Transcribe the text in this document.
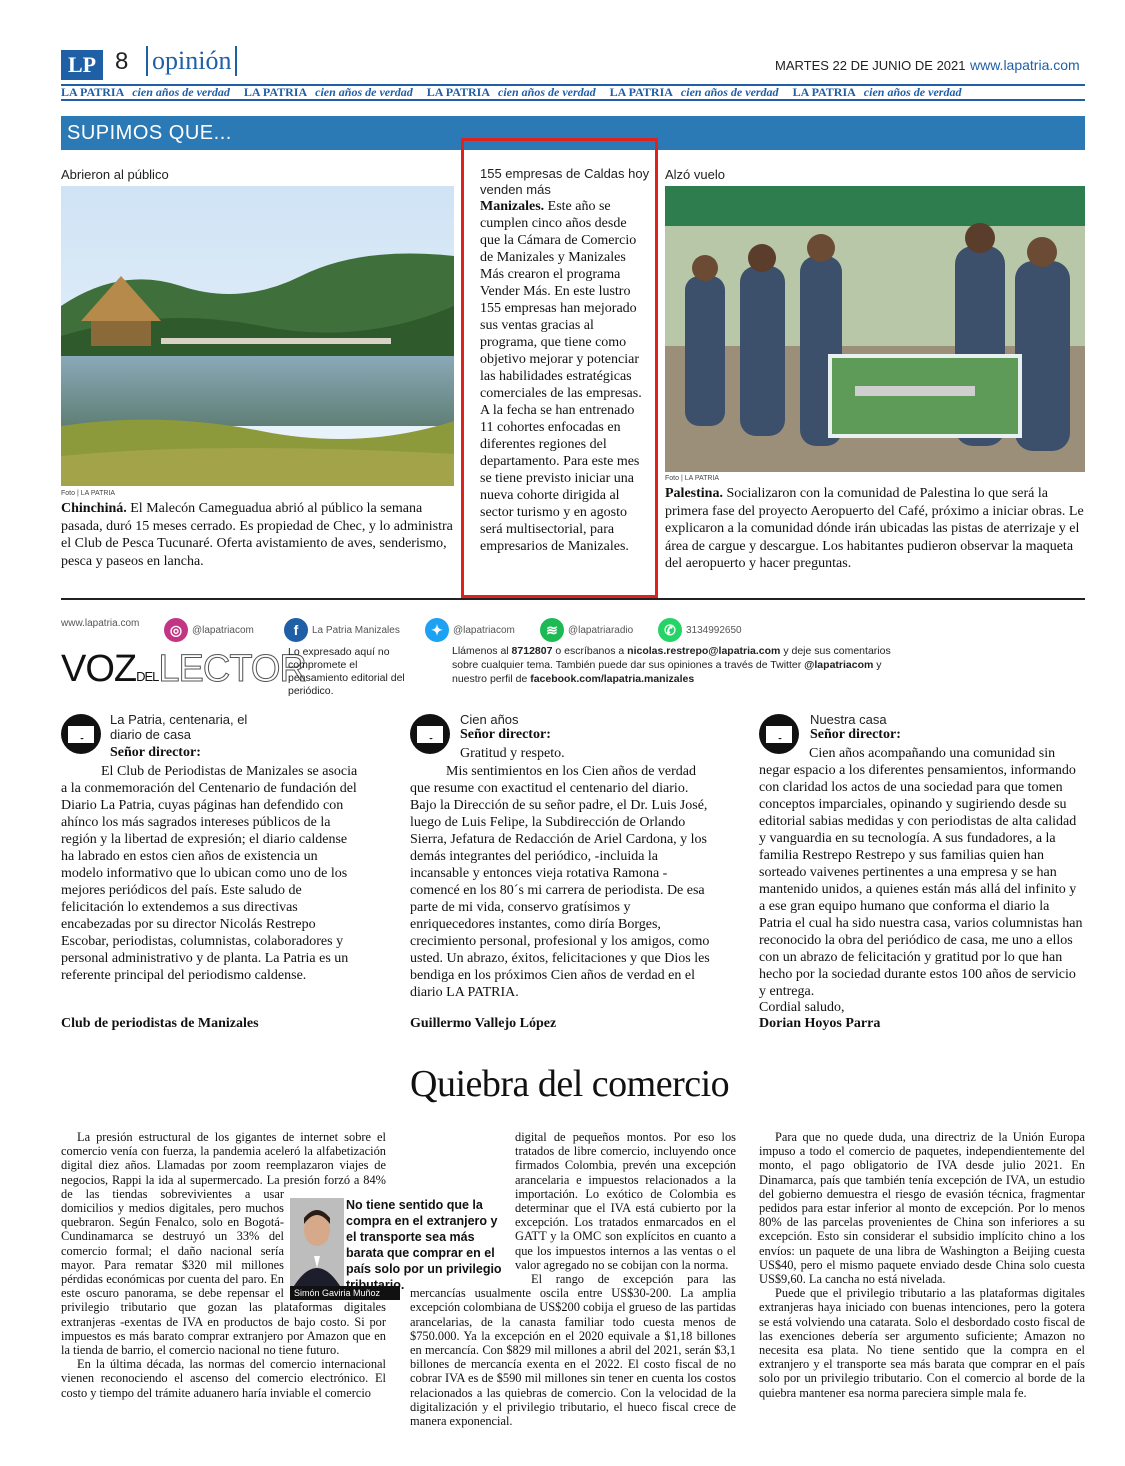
LP 8 opinión	MARTES 22 DE JUNIO DE 2021 www.lapatria.com
LA PATRIA cien años de verdad LA PATRIA cien años de verdad LA PATRIA cien años de verdad LA PATRIA cien años de verdad LA PATRIA cien años de verdad
SUPIMOS QUE...
Abrieron al público
Foto | LA PATRIA
Chinchiná. El Malecón Cameguadua abrió al público la semana pasada, duró 15 meses cerrado. Es propiedad de Chec, y lo administra el Club de Pesca Tucunaré. Oferta avistamiento de aves, senderismo, pesca y paseos en lancha.
155 empresas de Caldas hoy venden más
Manizales. Este año se cumplen cinco años desde que la Cámara de Comercio de Manizales y Manizales Más crearon el programa Vender Más. En este lustro 155 empresas han mejorado sus ventas gracias al programa, que tiene como objetivo mejorar y potenciar las habilidades estratégicas comerciales de las empresas. A la fecha se han entrenado 11 cohortes enfocadas en diferentes regiones del departamento. Para este mes se tiene previsto iniciar una nueva cohorte dirigida al sector turismo y en agosto será multisectorial, para empresarios de Manizales.
Alzó vuelo
Foto | LA PATRIA
Palestina. Socializaron con la comunidad de Palestina lo que será la primera fase del proyecto Aeropuerto del Café, próximo a iniciar obras. Le explicaron a la comunidad dónde irán ubicadas las pistas de aterrizaje y el área de cargue y descargue. Los habitantes pudieron observar la maqueta del aeropuerto y hacer preguntas.
www.lapatria.com	◎ @lapatriacom	f	La Patria Manizales	✦	@lapatriacom	≋	@lapatriaradio	✆	3134992650
VOZDELLECTOR
Lo expresado aquí no compromete el pensamiento editorial del periódico.
Llámenos al 8712807 o escríbanos a nicolas.restrepo@lapatria.com y deje sus comentarios sobre cualquier tema. También puede dar sus opiniones a través de Twitter @lapatriacom y nuestro perfil de facebook.com/lapatria.manizales
La Patria, centenaria, el diario de casa
Señor director:
El Club de Periodistas de Manizales se asocia a la conmemoración del Centenario de fundación del Diario La Patria, cuyas páginas han defendido con ahínco los más sagrados intereses públicos de la región y la libertad de expresión; el diario caldense ha labrado en estos cien años de existencia un modelo informativo que lo ubican como uno de los mejores periódicos del país. Este saludo de felicitación lo extendemos a sus directivas encabezadas por su director Nicolás Restrepo Escobar, periodistas, columnistas, colaboradores y personal administrativo y de planta. La Patria es un referente principal del periodismo caldense.
Club de periodistas de Manizales
Cien años
Señor director:
Gratitud y respeto.
Mis sentimientos en los Cien años de verdad que resume con exactitud el centenario del diario. Bajo la Dirección de su señor padre, el Dr. Luis José, luego de Luis Felipe, la Subdirección de Orlando Sierra, Jefatura de Redacción de Ariel Cardona, y los demás integrantes del periódico, -incluida la incansable y entonces vieja rotativa Ramona - comencé en los 80´s mi carrera de periodista. De esa parte de mi vida, conservo gratísimos y enriquecedores instantes, como diría Borges, crecimiento personal, profesional y los amigos, como usted. Un abrazo, éxitos, felicitaciones y que Dios les bendiga en los próximos Cien años de verdad en el diario LA PATRIA.
Guillermo Vallejo López
Nuestra casa
Señor director:
Cien años acompañando una comunidad sin negar espacio a los diferentes pensamientos, informando con claridad los actos de una sociedad para que tomen conceptos imparciales, opinando y sugiriendo desde su editorial sabias medidas y con periodistas de alta calidad y vanguardia en su tecnología. A sus fundadores, a la familia Restrepo Restrepo y sus familias quien han sorteado vaivenes pertinentes a una empresa y se han mantenido unidos, a quienes están más allá del infinito y a ese gran equipo humano que conforma el diario la Patria el cual ha sido nuestra casa, varios columnistas han reconocido la obra del periódico de casa, me uno a ellos con un abrazo de felicitación y gratitud por lo que han hecho por la sociedad durante estos 100 años de servicio y entrega.
Cordial saludo,
Dorian Hoyos Parra
Quiebra del comercio
Simón Gaviria Muñoz
No tiene sentido que la compra en el extranjero y el transporte sea más barata que comprar en el país solo por un privilegio tributario.
La presión estructural de los gigantes de internet sobre el comercio venía con fuerza, la pandemia aceleró la alfabetización digital diez años. Llamadas por zoom reemplazaron viajes de negocios, Rappi la ida al supermercado. La presión forzó a 84% de las tiendas sobrevivientes a usar domicilios y medios digitales, pero muchos quebraron. Según Fenalco, solo en Bogotá-Cundinamarca se destruyó un 33% del comercio formal; el daño nacional sería mayor. Para rematar $320 mil millones pérdidas económicas por cuenta del paro. En este oscuro panorama, se debe repensar el privilegio tributario que gozan las plataformas digitales extranjeras -exentas de IVA en productos de bajo costo. Si por impuestos es más barato comprar extranjero por Amazon que en la tienda de barrio, el comercio nacional no tiene futuro.
En la última década, las normas del comercio internacional vienen reconociendo el ascenso del comercio electrónico. El costo y tiempo del trámite aduanero haría inviable el comercio
digital de pequeños montos. Por eso los tratados de libre comercio, incluyendo once firmados Colombia, prevén una excepción arancelaria e impuestos relacionados a la importación. Lo exótico de Colombia es determinar que el IVA está cubierto por la excepción. Los tratados enmarcados en el GATT y la OMC son explícitos en cuanto a que los impuestos internos a las ventas o el valor agregado no se cobijan con la norma.
El rango de excepción para las mercancías usualmente oscila entre US$30-200. La amplia excepción colombiana de US$200 cobija el grueso de las partidas arancelarias, de la canasta familiar todo cuesta menos de $750.000. Ya la excepción en el 2020 equivale a $1,18 billones en mercancía. Con $829 mil millones a abril del 2021, serán $3,1 billones de mercancía exenta en el 2022. El costo fiscal de no cobrar IVA es de $590 mil millones sin tener en cuenta los costos relacionados a las quiebras de comercio. Con la velocidad de la digitalización y el privilegio tributario, el hueco fiscal crece de manera exponencial.
Para que no quede duda, una directriz de la Unión Europa impuso a todo el comercio de paquetes, independientemente del monto, el pago obligatorio de IVA desde julio 2021. En Dinamarca, país que también tenía excepción de IVA, un estudio del gobierno demuestra el riesgo de evasión técnica, fragmentar pedidos para estar inferior al monto de excepción. Por lo menos 80% de las parcelas provenientes de China son inferiores a su excepción. Esto sin considerar el subsidio implícito chino a los envíos: un paquete de una libra de Washington a Beijing cuesta US$40, pero el mismo paquete enviado desde China solo cuesta US$9,60. La cancha no está nivelada.
Puede que el privilegio tributario a las plataformas digitales extranjeras haya iniciado con buenas intenciones, pero la gotera se está volviendo una catarata. Solo el desbordado costo fiscal de las exenciones debería ser argumento suficiente; Amazon no necesita esa plata. No tiene sentido que la compra en el extranjero y el transporte sea más barata que comprar en el país solo por un privilegio tributario. Con el comercio al borde de la quiebra mantener esa norma pareciera simple mala fe.
